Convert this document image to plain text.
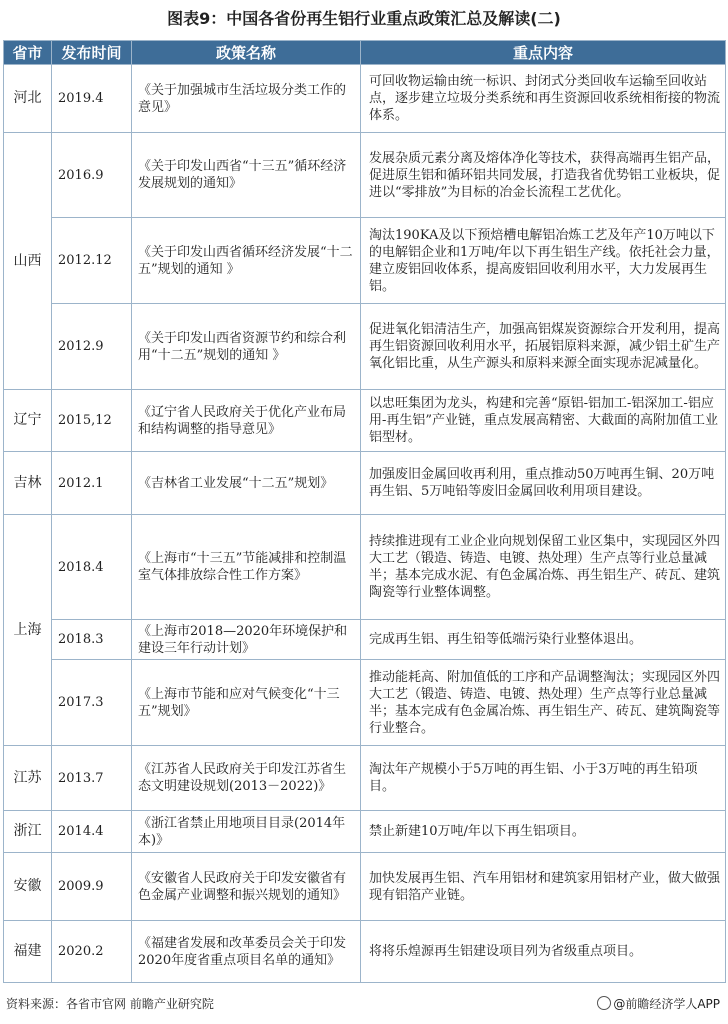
图表9：中国各省份再生铝行业重点政策汇总及解读(二)
省市	发布时间	政策名称	重点内容
河北	2019.4	《关于加强城市生活垃圾分类工作的意见》	可回收物运输由统一标识、封闭式分类回收车运输至回收站点，逐步建立垃圾分类系统和再生资源回收系统相衔接的物流体系。
山西	2016.9	《关于印发山西省“十三五”循环经济发展规划的通知》	发展杂质元素分离及熔体净化等技术，获得高端再生铝产品，促进原生铝和循环铝共同发展，打造我省优势铝工业板块，促进以“零排放”为目标的冶金长流程工艺优化。
	2012.12	《关于印发山西省循环经济发展“十二五”规划的通知 》	淘汰190KA及以下预焙槽电解铝冶炼工艺及年产10万吨以下的电解铝企业和1万吨/年以下再生铝生产线。依托社会力量，建立废铝回收体系，提高废铝回收利用水平，大力发展再生铝。
	2012.9	《关于印发山西省资源节约和综合利用“十二五”规划的通知 》	促进氧化铝清洁生产，加强高铝煤炭资源综合开发利用，提高再生铝资源回收利用水平，拓展铝原料来源，减少铝土矿生产氧化铝比重，从生产源头和原料来源全面实现赤泥减量化。
辽宁	2015,12	《辽宁省人民政府关于优化产业布局和结构调整的指导意见》	以忠旺集团为龙头，构建和完善“原铝-铝加工-铝深加工-铝应用-再生铝”产业链，重点发展高精密、大截面的高附加值工业铝型材。
吉林	2012.1	《吉林省工业发展“十二五”规划》	加强废旧金属回收再利用，重点推动50万吨再生铜、20万吨再生铝、5万吨铅等废旧金属回收利用项目建设。
上海	2018.4	《上海市“十三五”节能减排和控制温室气体排放综合性工作方案》	持续推进现有工业企业向规划保留工业区集中，实现园区外四大工艺（锻造、铸造、电镀、热处理）生产点等行业总量减半；基本完成水泥、有色金属冶炼、再生铝生产、砖瓦、建筑陶瓷等行业整体调整。
	2018.3	《上海市2018—2020年环境保护和建设三年行动计划》	完成再生铝、再生铅等低端污染行业整体退出。
	2017.3	《上海市节能和应对气候变化“十三五”规划》	推动能耗高、附加值低的工序和产品调整淘汰；实现园区外四大工艺（锻造、铸造、电镀、热处理）生产点等行业总量减半；基本完成有色金属冶炼、再生铝生产、砖瓦、建筑陶瓷等行业整合。
江苏	2013.7	《江苏省人民政府关于印发江苏省生态文明建设规划(2013－2022)》	淘汰年产规模小于5万吨的再生铝、小于3万吨的再生铅项目。
浙江	2014.4	《浙江省禁止用地项目目录(2014年本)》	禁止新建10万吨/年以下再生铝项目。
安徽	2009.9	《安徽省人民政府关于印发安徽省有色金属产业调整和振兴规划的通知》	加快发展再生铝、汽车用铝材和建筑家用铝材产业，做大做强现有铝箔产业链。
福建	2020.2	《福建省发展和改革委员会关于印发2020年度省重点项目名单的通知》	将将乐煌源再生铝建设项目列为省级重点项目。
资料来源：各省市官网 前瞻产业研究院	@前瞻经济学人APP
